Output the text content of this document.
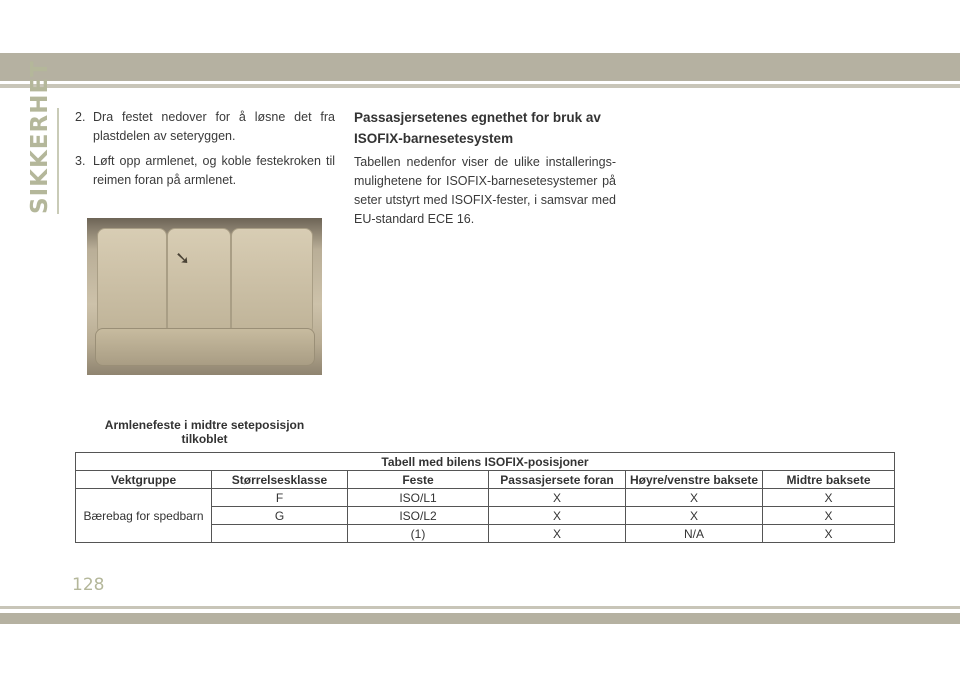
SIKKERHET 2. Dra festet nedover for å løsne det fra plastdelen av seteryggen.
3. Løft opp armlenet, og koble festekroken til reimen foran på armlenet.
➘
Armlenefeste i midtre seteposisjon tilkoblet
Passasjersetenes egnethet for bruk av ISOFIX-barnesetesystem
Tabellen nedenfor viser de ulike installeringsmulighetene for ISOFIX-barnesetesystemer på seter utstyrt med ISOFIX-fester, i samsvar med EU-standard ECE 16.
Tabell med bilens ISOFIX-posisjoner					
Vektgruppe	Størrelsesklasse	Feste	Passasjersete foran	Høyre/venstre baksete	Midtre baksete
Bærebag for spedbarn	F	ISO/L1	X	X	X
	G	ISO/L2	X	X	X
		(1)	X	N/A	X
128
